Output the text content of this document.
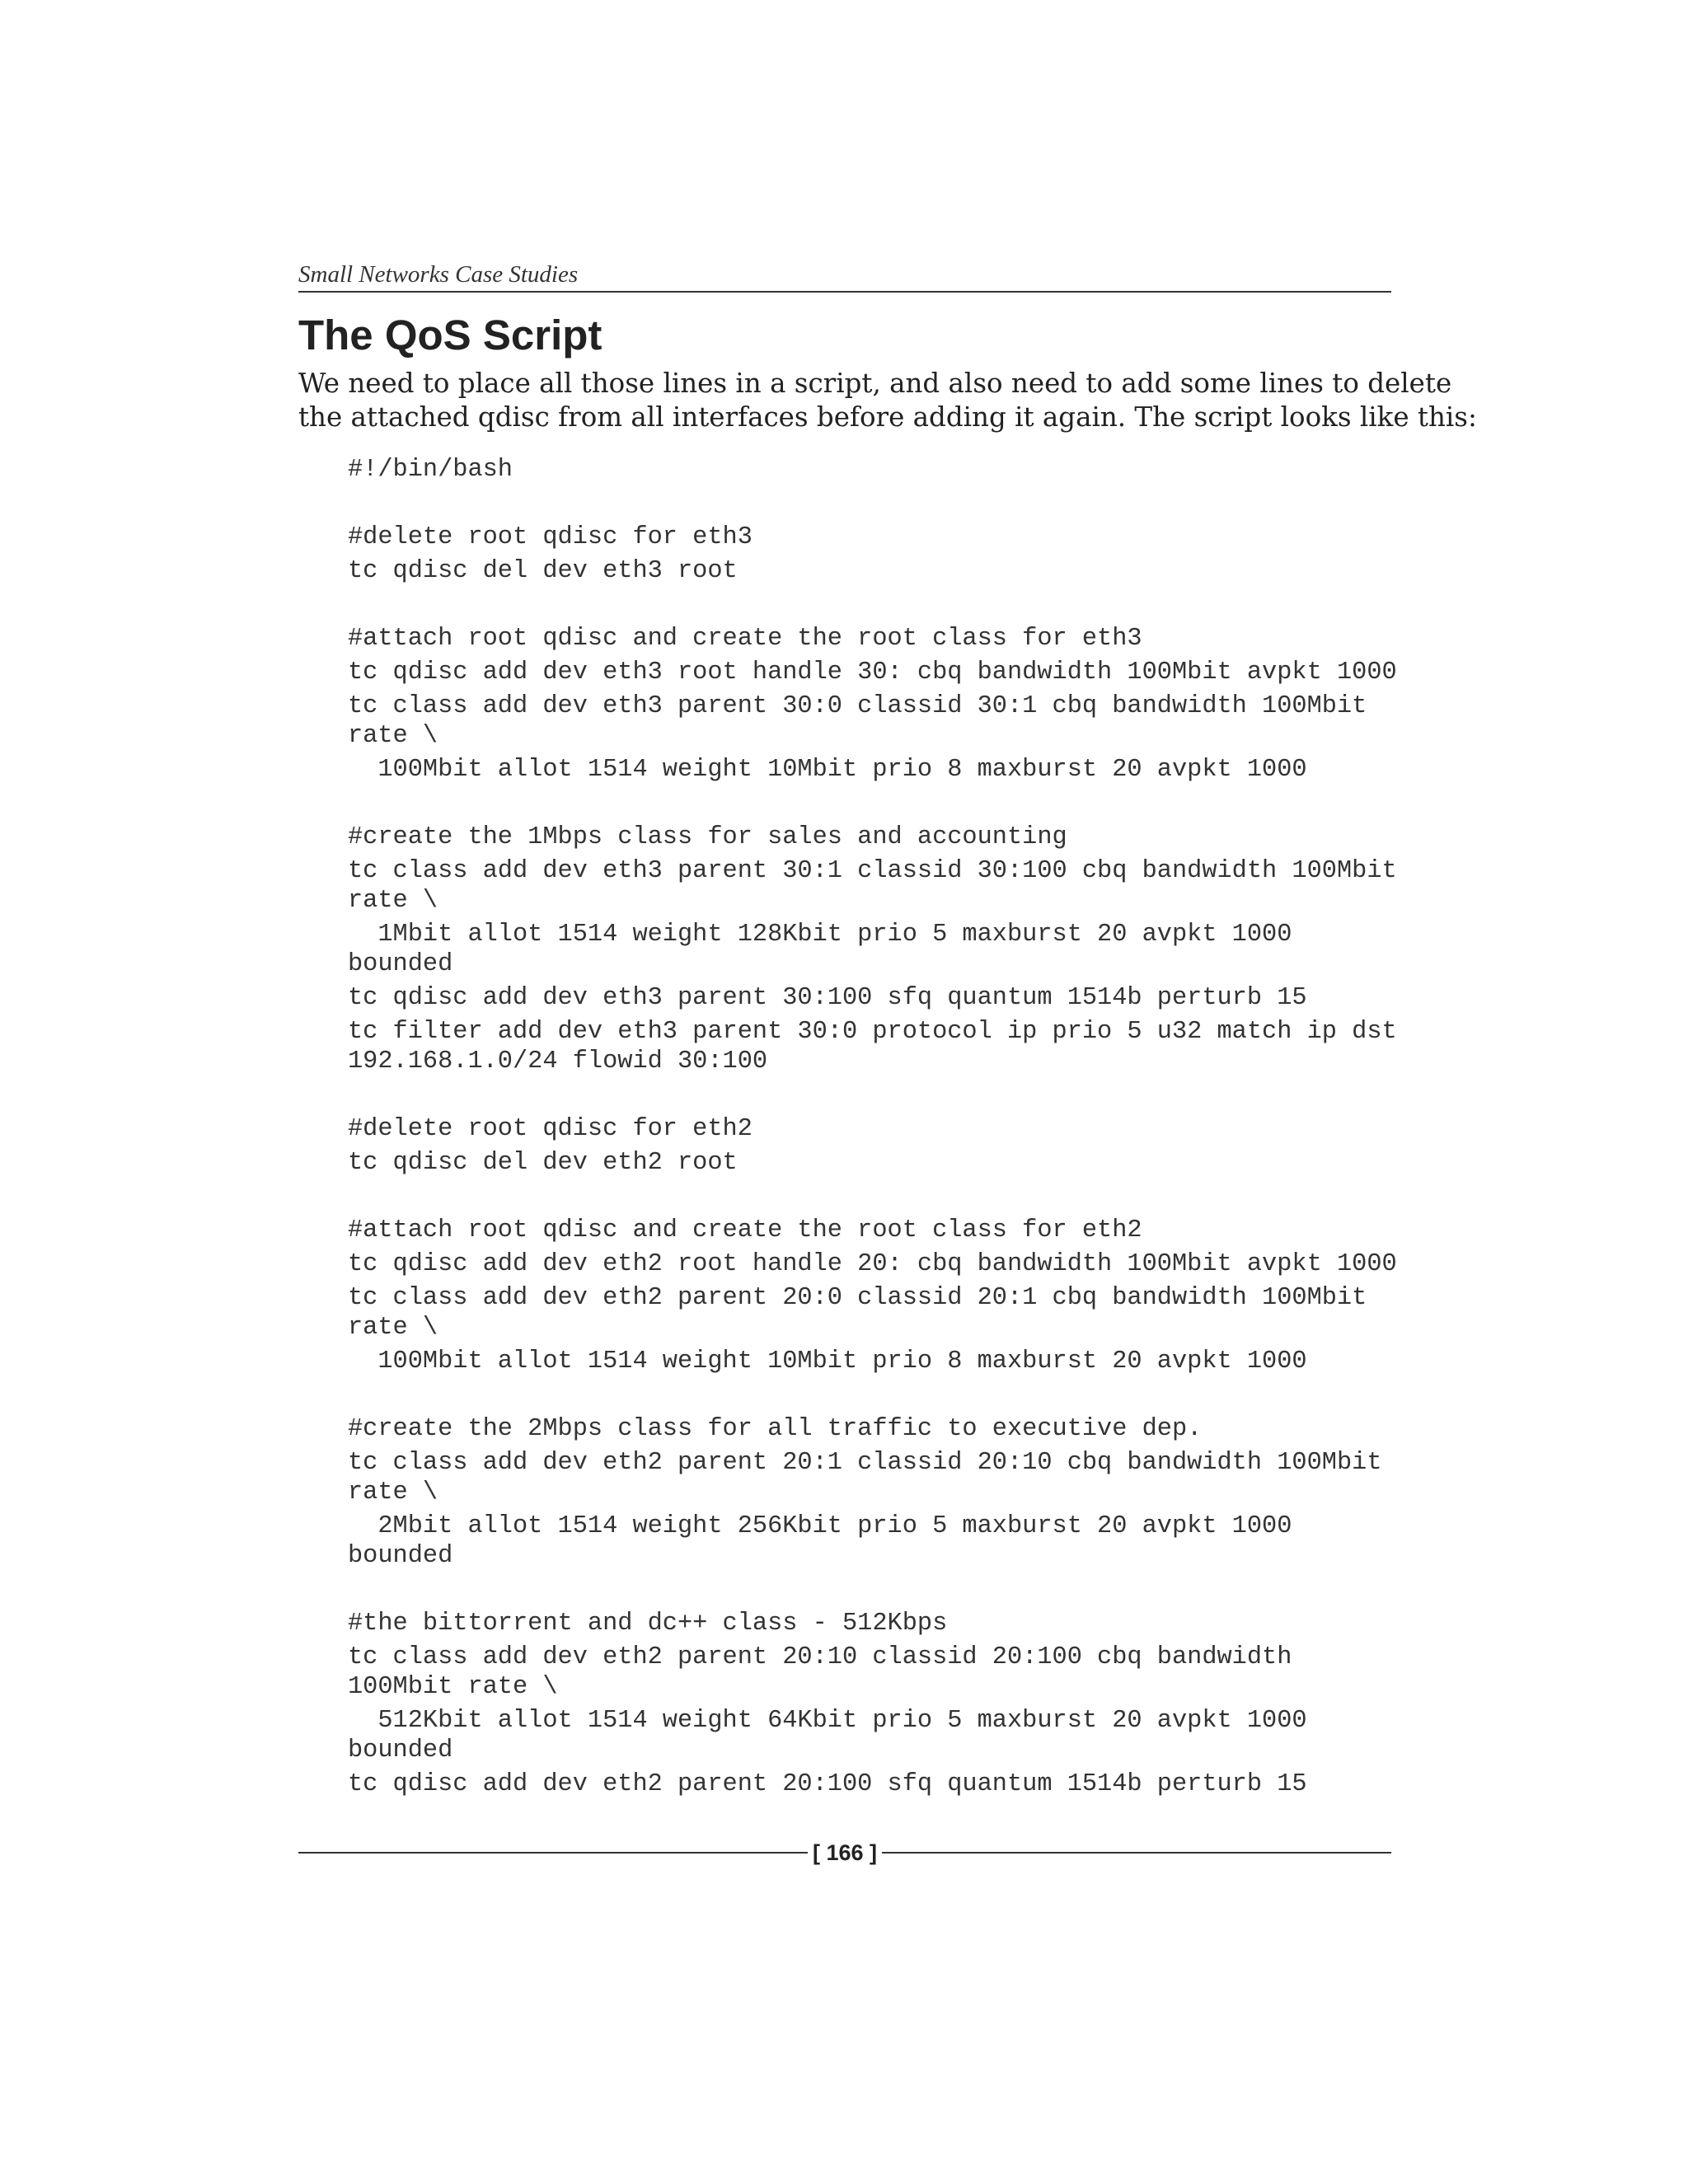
Small Networks Case Studies
The QoS Script
We need to place all those lines in a script, and also need to add some lines to delete
the attached qdisc from all interfaces before adding it again. The script looks like this:
#!/bin/bash
#delete root qdisc for eth3
tc qdisc del dev eth3 root
#attach root qdisc and create the root class for eth3
tc qdisc add dev eth3 root handle 30: cbq bandwidth 100Mbit avpkt 1000
tc class add dev eth3 parent 30:0 classid 30:1 cbq bandwidth 100Mbit
rate \
100Mbit allot 1514 weight 10Mbit prio 8 maxburst 20 avpkt 1000
#create the 1Mbps class for sales and accounting
tc class add dev eth3 parent 30:1 classid 30:100 cbq bandwidth 100Mbit
rate \
1Mbit allot 1514 weight 128Kbit prio 5 maxburst 20 avpkt 1000
bounded
tc qdisc add dev eth3 parent 30:100 sfq quantum 1514b perturb 15
tc filter add dev eth3 parent 30:0 protocol ip prio 5 u32 match ip dst
192.168.1.0/24 flowid 30:100
#delete root qdisc for eth2
tc qdisc del dev eth2 root
#attach root qdisc and create the root class for eth2
tc qdisc add dev eth2 root handle 20: cbq bandwidth 100Mbit avpkt 1000
tc class add dev eth2 parent 20:0 classid 20:1 cbq bandwidth 100Mbit
rate \
100Mbit allot 1514 weight 10Mbit prio 8 maxburst 20 avpkt 1000
#create the 2Mbps class for all traffic to executive dep.
tc class add dev eth2 parent 20:1 classid 20:10 cbq bandwidth 100Mbit
rate \
2Mbit allot 1514 weight 256Kbit prio 5 maxburst 20 avpkt 1000
bounded
#the bittorrent and dc++ class - 512Kbps
tc class add dev eth2 parent 20:10 classid 20:100 cbq bandwidth
100Mbit rate \
512Kbit allot 1514 weight 64Kbit prio 5 maxburst 20 avpkt 1000
bounded
tc qdisc add dev eth2 parent 20:100 sfq quantum 1514b perturb 15
[ 166 ]
